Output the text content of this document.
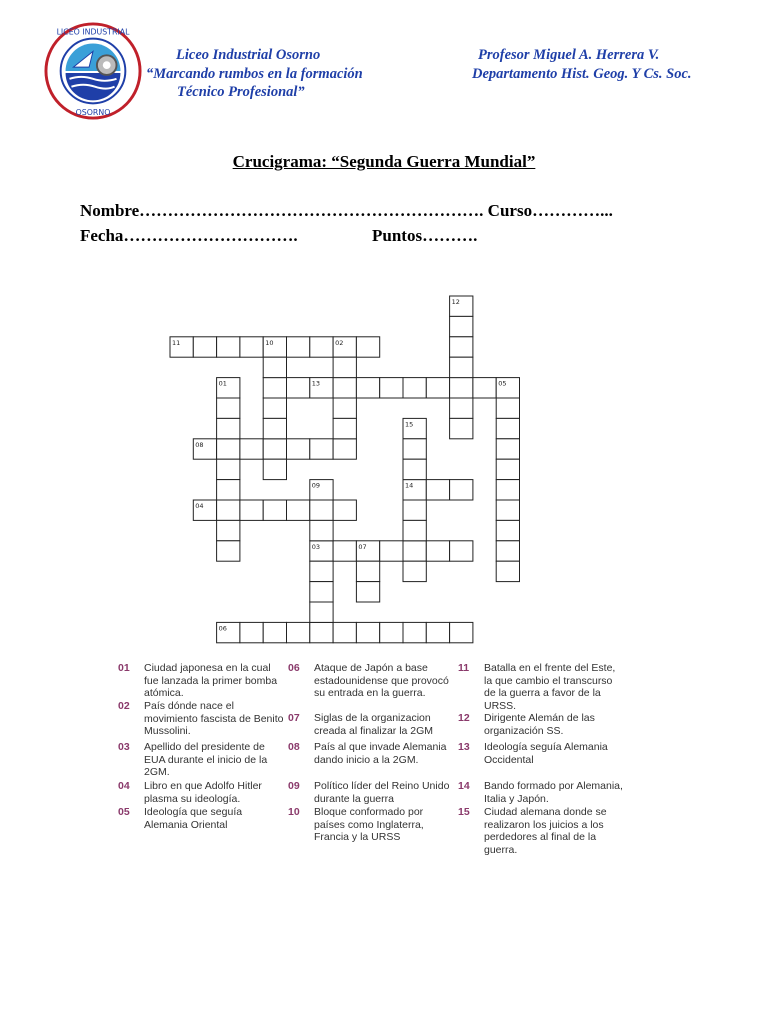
LICEO INDUSTRIAL
OSORNO
Liceo Industrial Osorno
“Marcando rumbos en la formación
Técnico Profesional”
Profesor Miguel A. Herrera V.
Departamento Hist. Geog. Y Cs. Soc.
Crucigrama: “Segunda Guerra Mundial”
Nombre……………………………………………………. Curso…………...
Fecha………………………….	Puntos……….
01
02
03
04
05
06
07
08
09
10
11
12
13
14
15
01 Ciudad japonesa en la cual fue lanzada la primer bomba atómica.
02 País dónde nace el movimiento fascista de Benito Mussolini.
03 Apellido del presidente de EUA durante el inicio de la 2GM.
04 Libro en que Adolfo Hitler plasma su ideología.
05 Ideología que seguía Alemania Oriental
06 Ataque de Japón a base estadounidense que provocó su entrada en la guerra.
07 Siglas de la organizacion creada al finalizar la 2GM
08 País al que invade Alemania dando inicio a la 2GM.
09 Político líder del Reino Unido durante la guerra
10 Bloque conformado por países como Inglaterra, Francia y la URSS
11 Batalla en el frente del Este, la que cambio el transcurso de la guerra a favor de la URSS.
12 Dirigente Alemán de las organización SS.
13 Ideología seguía Alemania Occidental
14 Bando formado por Alemania, Italia y Japón.
15 Ciudad alemana donde se realizaron los juicios a los perdedores al final de la guerra.
